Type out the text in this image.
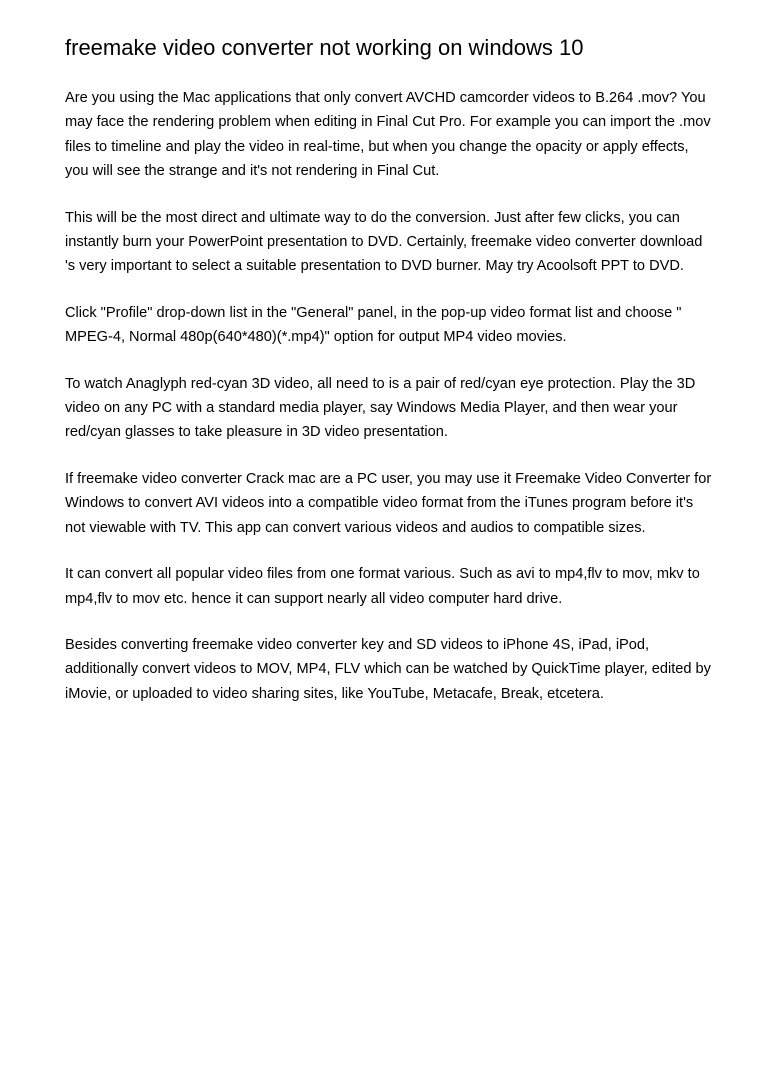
freemake video converter not working on windows 10

Are you using the Mac applications that only convert AVCHD camcorder videos to B.264 .mov? You may face the rendering problem when editing in Final Cut Pro. For example you can import the .mov files to timeline and play the video in real-time, but when you change the opacity or apply effects, you will see the strange and it's not rendering in Final Cut.

This will be the most direct and ultimate way to do the conversion. Just after few clicks, you can instantly burn your PowerPoint presentation to DVD. Certainly, freemake video converter download 's very important to select a suitable presentation to DVD burner. May try Acoolsoft PPT to DVD.

Click "Profile" drop-down list in the "General" panel, in the pop-up video format list and choose " MPEG-4, Normal 480p(640*480)(*.mp4)" option for output MP4 video movies.

To watch Anaglyph red-cyan 3D video, all need to is a pair of red/cyan eye protection. Play the 3D video on any PC with a standard media player, say Windows Media Player, and then wear your red/cyan glasses to take pleasure in 3D video presentation.

If freemake video converter Crack mac are a PC user, you may use it Freemake Video Converter for Windows to convert AVI videos into a compatible video format from the iTunes program before it's not viewable with TV. This app can convert various videos and audios to compatible sizes.

It can convert all popular video files from one format various. Such as avi to mp4,flv to mov, mkv to mp4,flv to mov etc. hence it can support nearly all video computer hard drive.

Besides converting freemake video converter key and SD videos to iPhone 4S, iPad, iPod, additionally convert videos to MOV, MP4, FLV which can be watched by QuickTime player, edited by iMovie, or uploaded to video sharing sites, like YouTube, Metacafe, Break, etcetera.
